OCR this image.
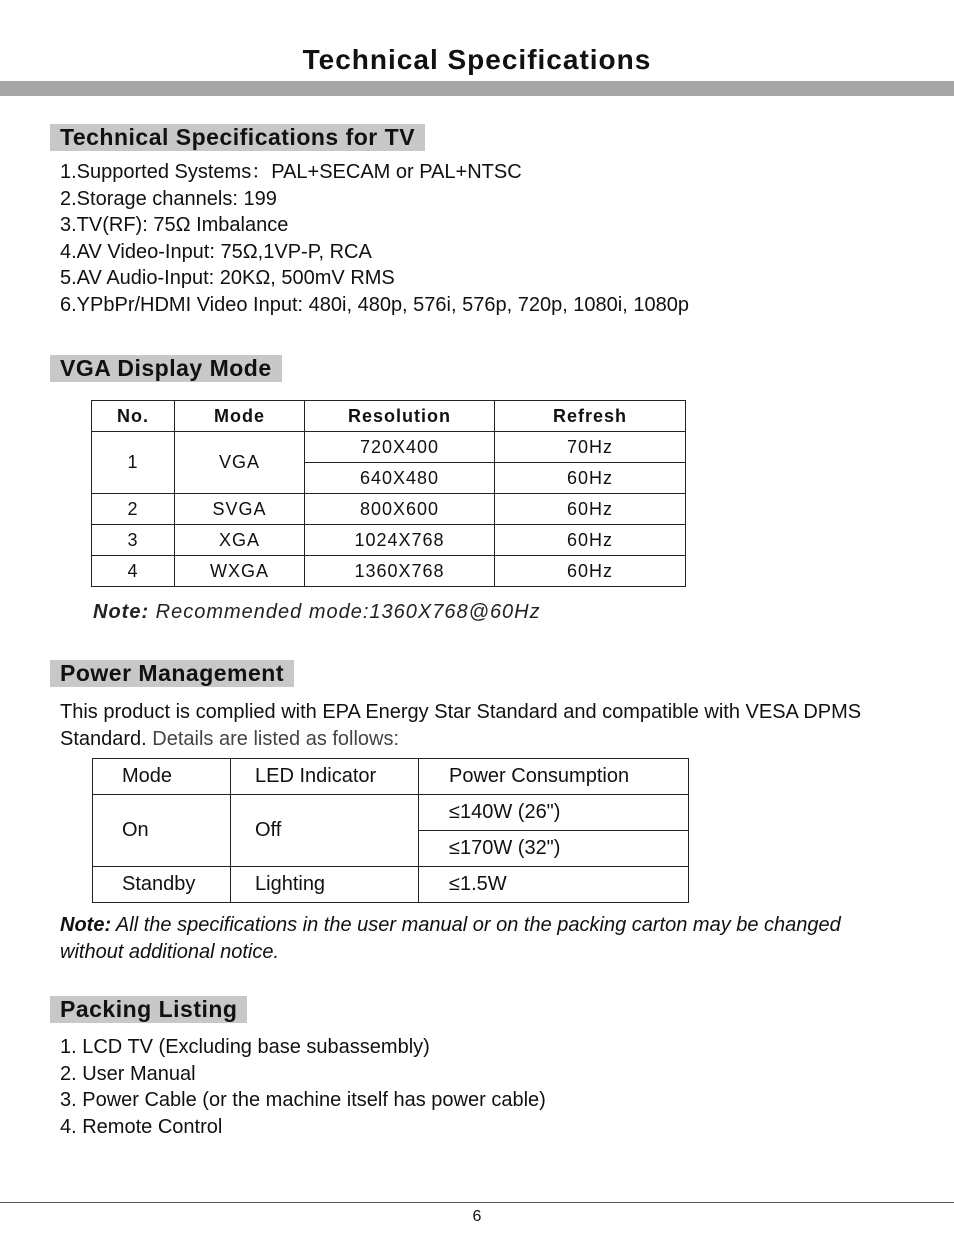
Technical Specifications
Technical Specifications for TV
1.Supported Systems：PAL+SECAM or PAL+NTSC
2.Storage channels: 199
3.TV(RF): 75Ω Imbalance
4.AV Video-Input: 75Ω,1VP-P, RCA
5.AV Audio-Input: 20KΩ, 500mV RMS
6.YPbPr/HDMI Video Input: 480i, 480p, 576i, 576p, 720p, 1080i, 1080p
VGA Display Mode
No.	Mode	Resolution	Refresh
1	VGA	720X400	70Hz
		640X480	60Hz
2	SVGA	800X600	60Hz
3	XGA	1024X768	60Hz
4	WXGA	1360X768	60Hz

Note: Recommended mode:1360X768@60Hz

Power Management

This product is complied with EPA Energy Star Standard and compatible with VESA DPMS Standard. Details are listed as follows:

Mode	LED Indicator	Power Consumption
On	Off	≤140W (26")
		≤170W (32")
Standby	Lighting	≤1.5W

Note: All the specifications in the user manual or on the packing carton may be changed without additional notice.

Packing Listing
1. LCD TV (Excluding base subassembly)
2. User Manual
3. Power Cable (or the machine itself has power cable)
4. Remote Control
6
